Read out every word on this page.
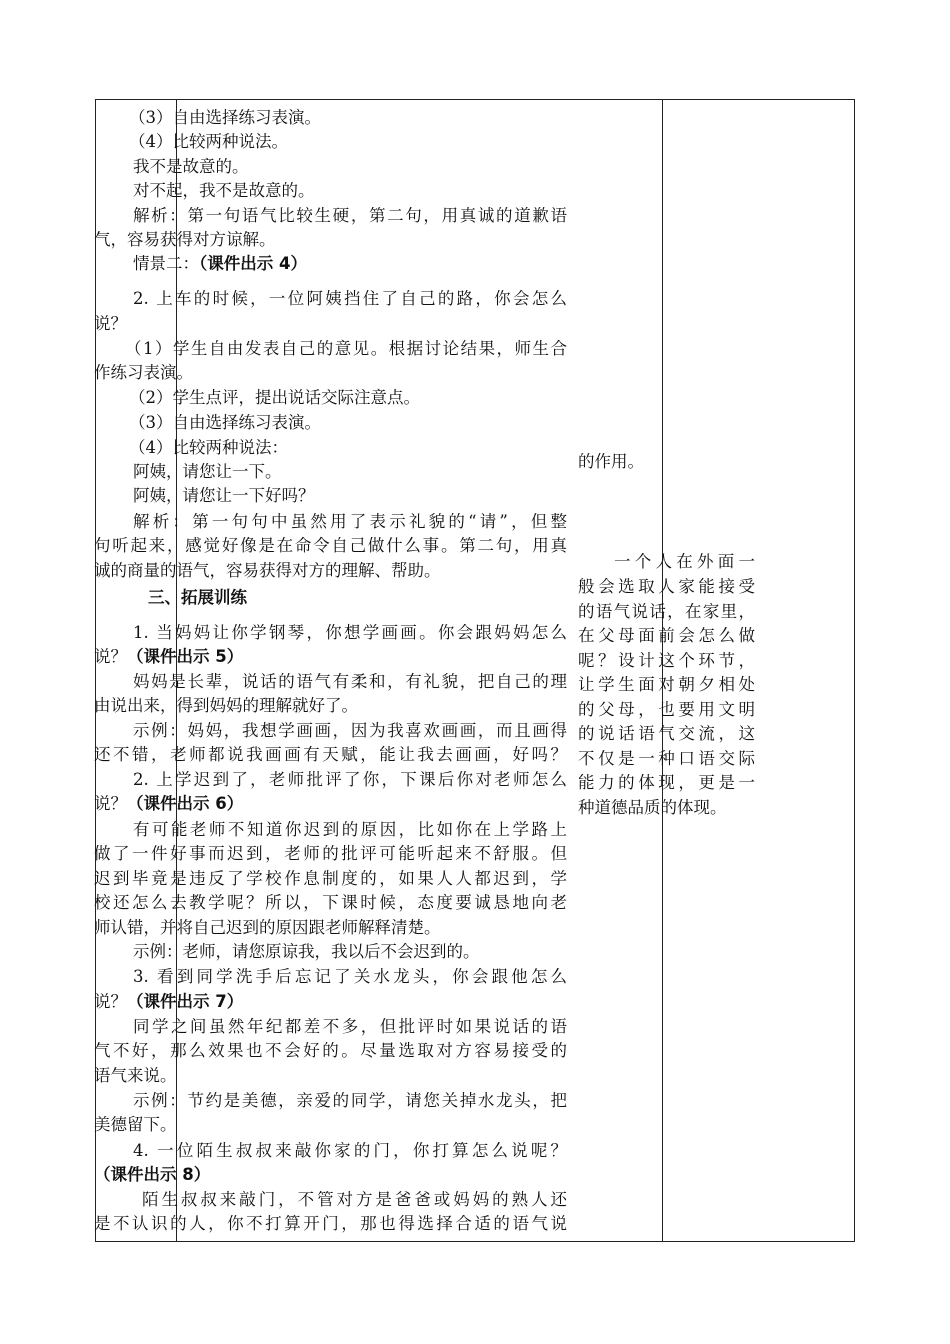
（3）自由选择练习表演。
（4）比较两种说法。
我不是故意的。
对不起，我不是故意的。
解析：第一句语气比较生硬，第二句，用真诚的道歉语
气，容易获得对方谅解。
情景二：（课件出示 4）
2. 上车的时候，一位阿姨挡住了自己的路，你会怎么
说？
（1）学生自由发表自己的意见。根据讨论结果，师生合
作练习表演。
（2）学生点评，提出说话交际注意点。
（3）自由选择练习表演。
（4）比较两种说法：
阿姨，请您让一下。
阿姨，请您让一下好吗？
解析：第一句句中虽然用了表示礼貌的“请”，但整
句听起来，感觉好像是在命令自己做什么事。第二句，用真
诚的商量的语气，容易获得对方的理解、帮助。
三、拓展训练
1. 当妈妈让你学钢琴，你想学画画。你会跟妈妈怎么
说？（课件出示 5）
妈妈是长辈，说话的语气有柔和，有礼貌，把自己的理
由说出来，得到妈妈的理解就好了。
示例：妈妈，我想学画画，因为我喜欢画画，而且画得
还不错，老师都说我画画有天赋，能让我去画画，好吗？
2. 上学迟到了，老师批评了你，下课后你对老师怎么
说？（课件出示 6）
有可能老师不知道你迟到的原因，比如你在上学路上
做了一件好事而迟到，老师的批评可能听起来不舒服。但
迟到毕竟是违反了学校作息制度的，如果人人都迟到，学
校还怎么去教学呢？所以，下课时候，态度要诚恳地向老
师认错，并将自己迟到的原因跟老师解释清楚。
示例：老师，请您原谅我，我以后不会迟到的。
3. 看到同学洗手后忘记了关水龙头，你会跟他怎么
说？（课件出示 7）
同学之间虽然年纪都差不多，但批评时如果说话的语
气不好，那么效果也不会好的。尽量选取对方容易接受的
语气来说。
示例：节约是美德，亲爱的同学，请您关掉水龙头，把
美德留下。
4. 一位陌生叔叔来敲你家的门，你打算怎么说呢？
（课件出示 8）
陌生叔叔来敲门，不管对方是爸爸或妈妈的熟人还
是不认识的人，你不打算开门，那也得选择合适的语气说
的作用。
一个人在外面一
般会选取人家能接受
的语气说话，在家里，
在父母面前会怎么做
呢？设计这个环节，
让学生面对朝夕相处
的父母，也要用文明
的说话语气交流，这
不仅是一种口语交际
能力的体现，更是一
种道德品质的体现。
